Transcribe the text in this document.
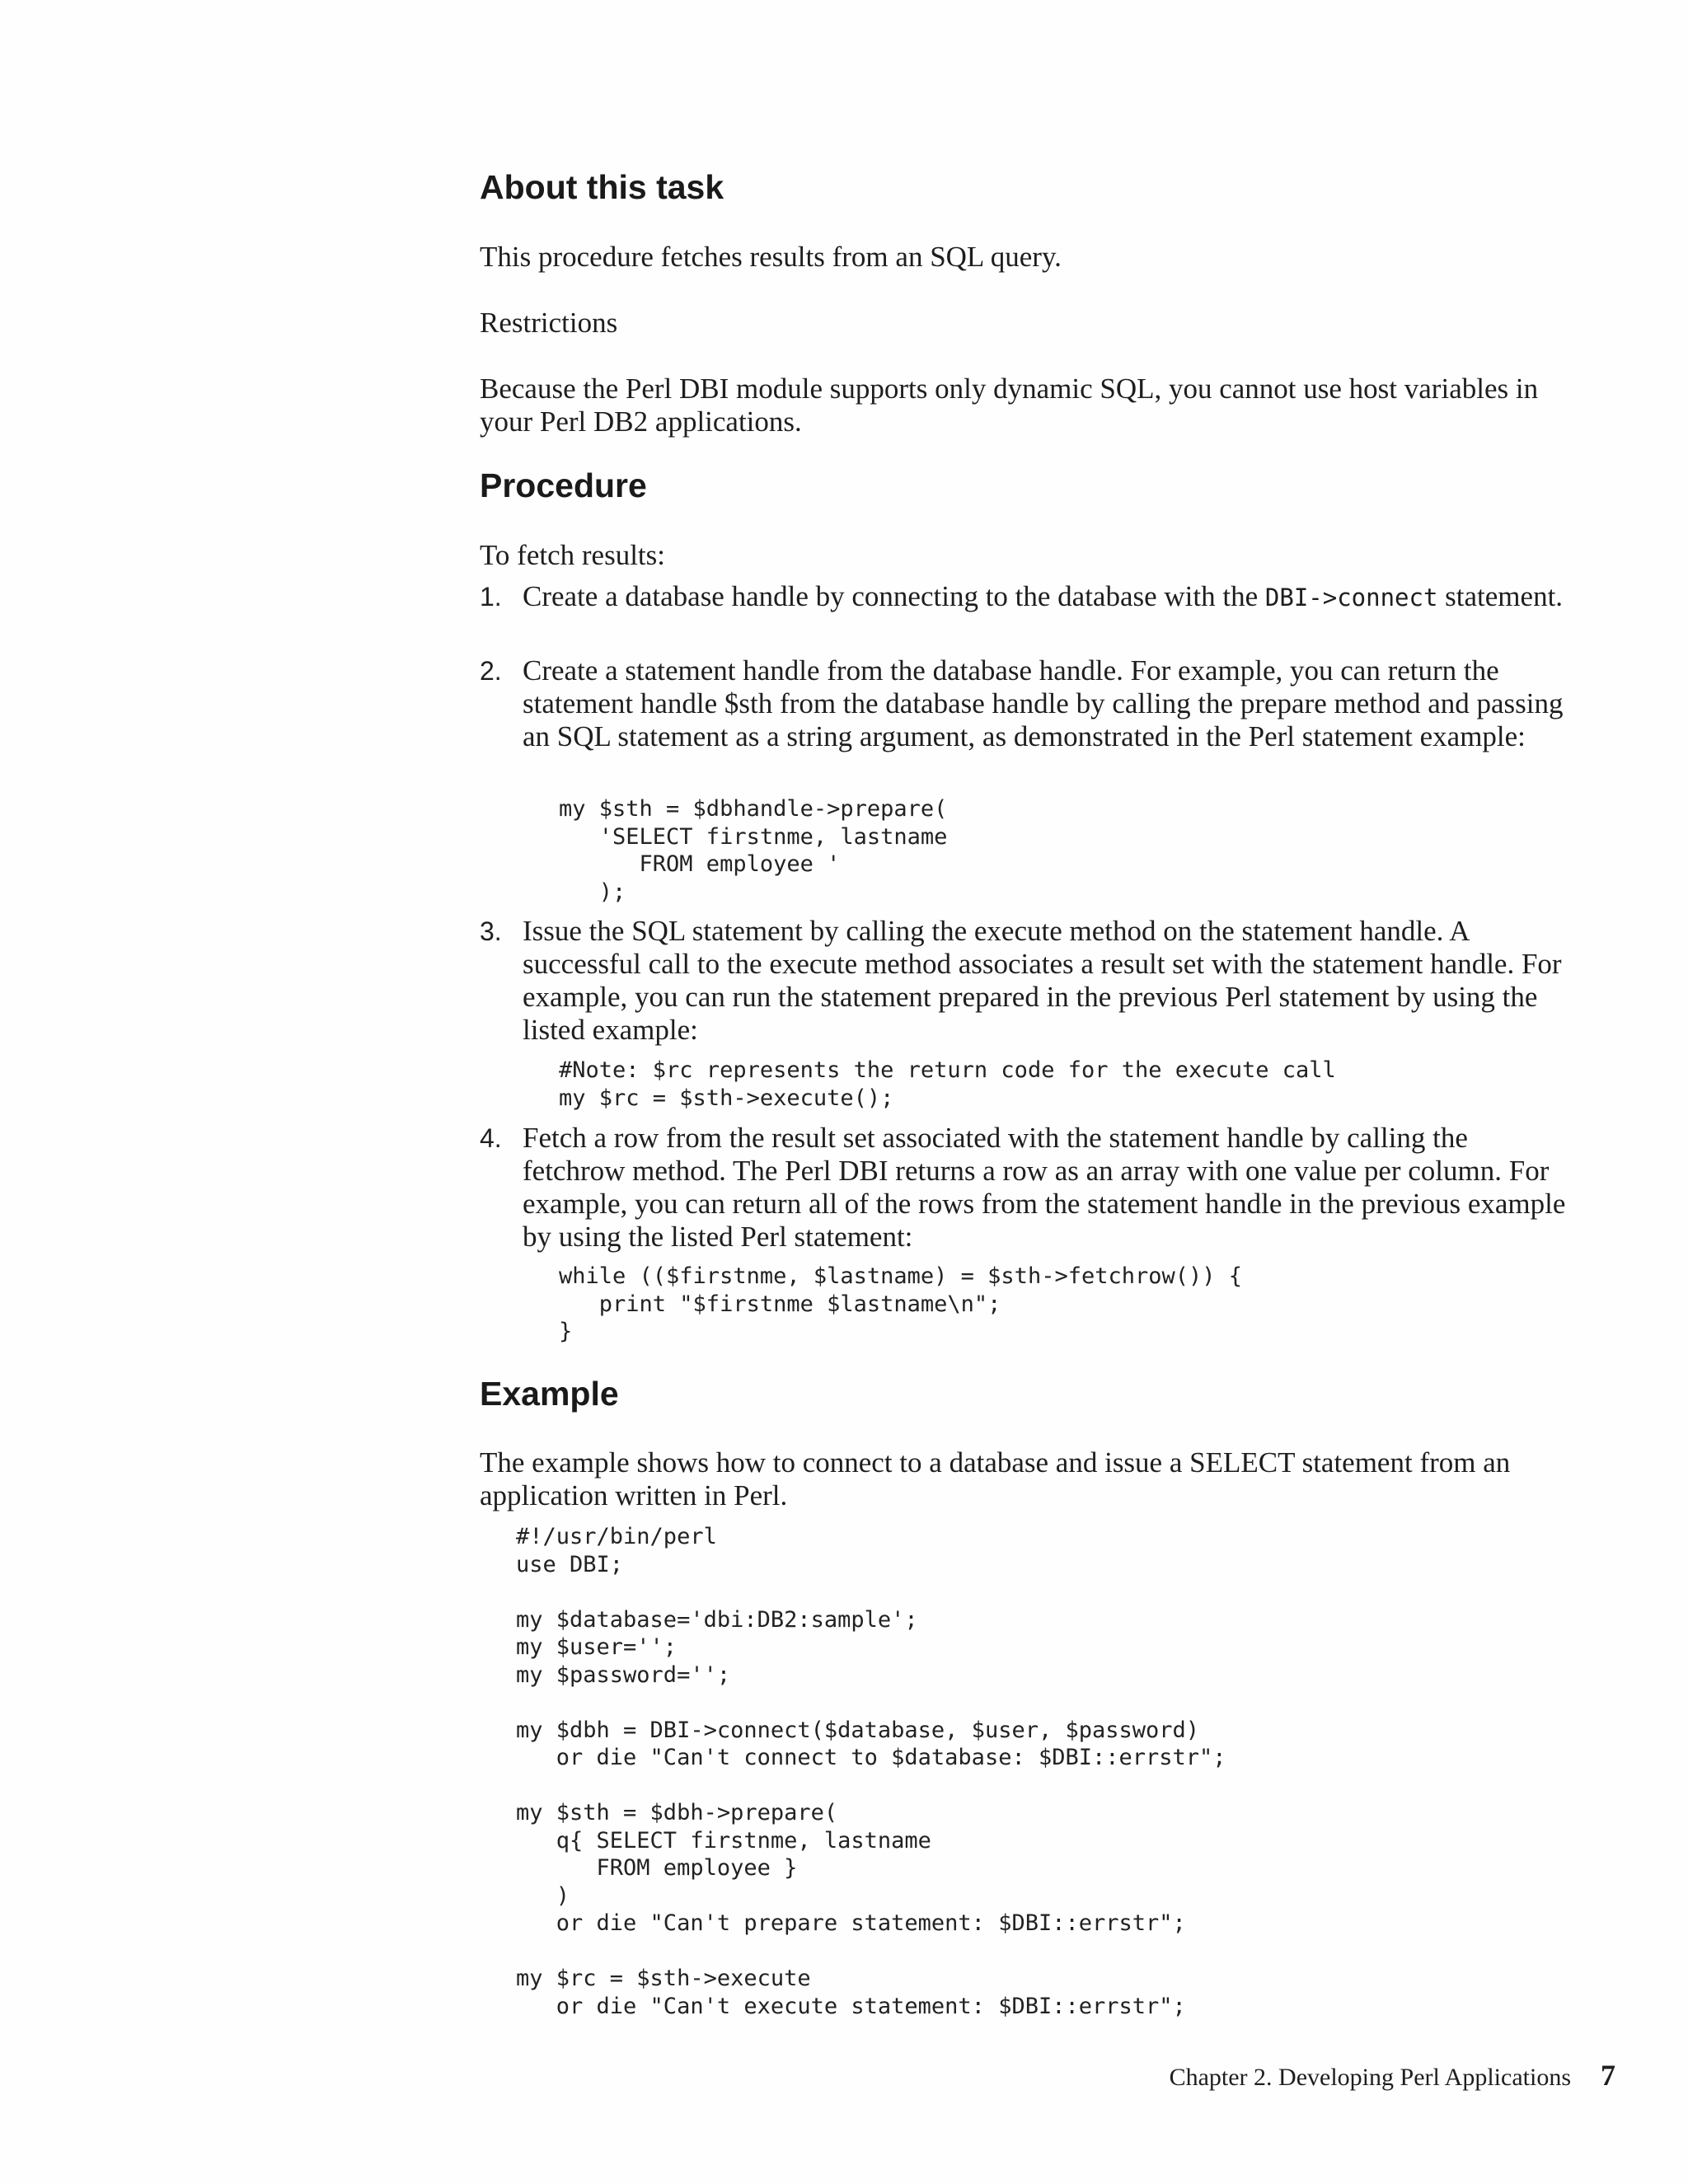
About this task

This procedure fetches results from an SQL query.

Restrictions

Because the Perl DBI module supports only dynamic SQL, you cannot use host variables in your Perl DB2 applications.

Procedure

To fetch results:

1. Create a database handle by connecting to the database with the DBI->connect statement.

2. Create a statement handle from the database handle. For example, you can return the statement handle $sth from the database handle by calling the prepare method and passing an SQL statement as a string argument, as demonstrated in the Perl statement example:

my $sth = $dbhandle->prepare(
'SELECT firstnme, lastname
FROM employee '
);
3. Issue the SQL statement by calling the execute method on the statement handle. A successful call to the execute method associates a result set with the statement handle. For example, you can run the statement prepared in the previous Perl statement by using the listed example:

#Note: $rc represents the return code for the execute call
my $rc = $sth->execute();
4. Fetch a row from the result set associated with the statement handle by calling the fetchrow method. The Perl DBI returns a row as an array with one value per column. For example, you can return all of the rows from the statement handle in the previous example by using the listed Perl statement:

while (($firstnme, $lastname) = $sth->fetchrow()) {
print "$firstnme $lastname\n";
}
Example

The example shows how to connect to a database and issue a SELECT statement from an application written in Perl.

#!/usr/bin/perl
use DBI;

my $database='dbi:DB2:sample';
my $user='';
my $password='';

my $dbh = DBI->connect($database, $user, $password)
or die "Can't connect to $database: $DBI::errstr";

my $sth = $dbh->prepare(
q{ SELECT firstnme, lastname
FROM employee }
)
or die "Can't prepare statement: $DBI::errstr";

my $rc = $sth->execute
or die "Can't execute statement: $DBI::errstr";
Chapter 2. Developing Perl Applications 7
